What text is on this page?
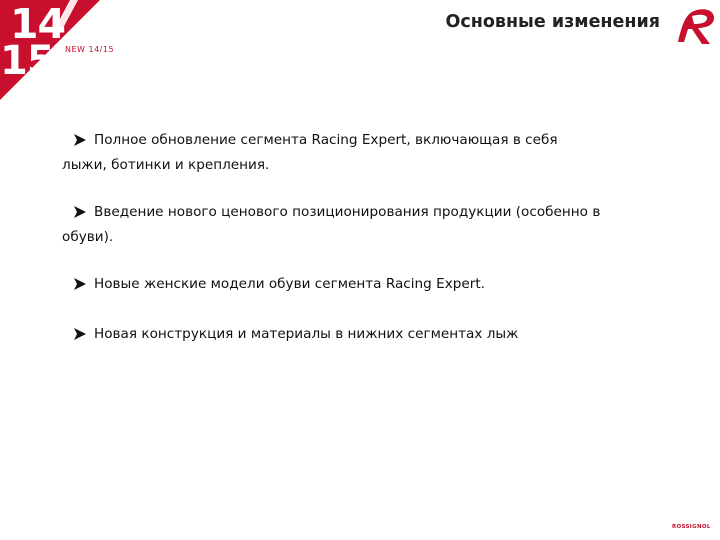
14
15 NEW 14/15
Основные изменения
Полное обновление сегмента Racing Expert, включающая в себя лыжи, ботинки и крепления.
Введение нового ценового позиционирования продукции (особенно в обуви).
Новые женские модели обуви сегмента Racing Expert.
Новая конструкция и материалы в нижних сегментах лыж
ROSSIGNOL
